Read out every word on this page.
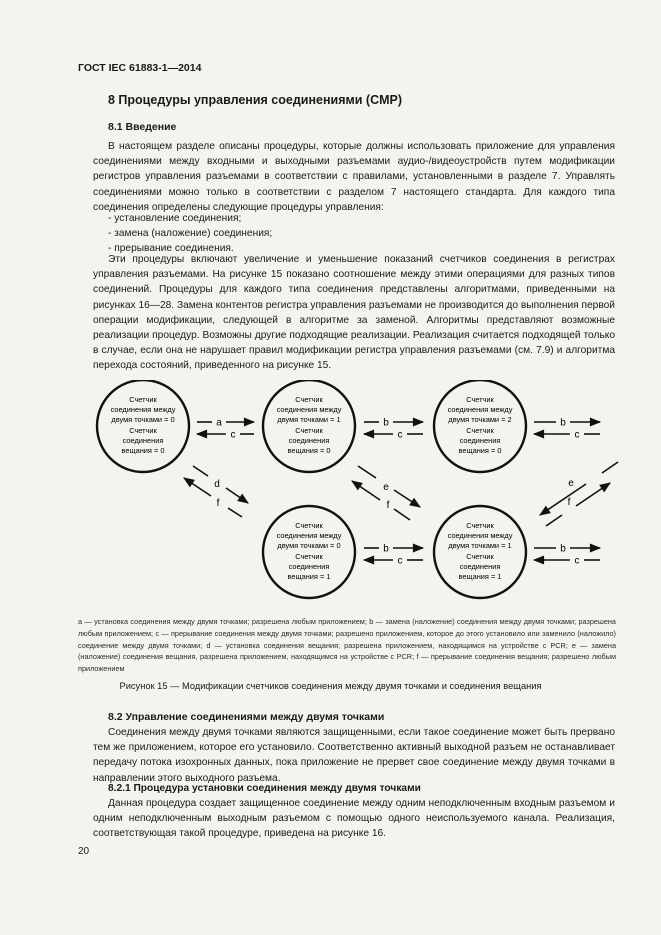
ГОСТ IEC 61883-1—2014
8 Процедуры управления соединениями (CMP)
8.1 Введение
В настоящем разделе описаны процедуры, которые должны использовать приложение для управления соединениями между входными и выходными разъемами аудио-/видеоустройств путем модификации регистров управления разъемами в соответствии с правилами, установленными в разделе 7. Управлять соединениями можно только в соответствии с разделом 7 настоящего стандарта. Для каждого типа соединения определены следующие процедуры управления:
- установление соединения;
- замена (наложение) соединения;
- прерывание соединения.
Эти процедуры включают увеличение и уменьшение показаний счетчиков соединения в регистрах управления разъемами. На рисунке 15 показано соотношение между этими операциями для разных типов соединений. Процедуры для каждого типа соединения представлены алгоритмами, приведенными на рисунках 16—28. Замена контентов регистра управления разъемами не производится до выполнения первой операции модификации, следующей в алгоритме за заменой. Алгоритмы представляют возможные реализации процедур. Возможны другие подходящие реализации. Реализация считается подходящей только в случае, если она не нарушает правил модификации регистра управления разъемами (см. 7.9) и алгоритма перехода состояний, приведенного на рисунке 15.
Счетчик
соединения между
двумя точками = 0
Счетчик
соединения
вещания = 0
Счетчик
соединения между
двумя точками = 1
Счетчик
соединения
вещания = 0
Счетчик
соединения между
двумя точками = 2
Счетчик
соединения
вещания = 0
Счетчик
соединения между
двумя точками = 0
Счетчик
соединения
вещания = 1
Счетчик
соединения между
двумя точками = 1
Счетчик
соединения
вещания = 1
a
c
b
c
b
c
b
c
b
c
d
f
e
f
e
f
a — установка соединения между двумя точками; разрешена любым приложением; b — замена (наложение) соединения между двумя точками; разрешена любым приложением; c — прерывание соединения между двумя точками; разрешено приложением, которое до этого установило или заменило (наложило) соединение между двумя точками; d — установка соединения вещания; разрешена приложением, находящимся на устройстве с PCR; e — замена (наложение) соединения вещания, разрешена приложением, находящимся на устройстве с PCR; f — прерывание соединения вещания; разрешено любым приложением
Рисунок 15 — Модификации счетчиков соединения между двумя точками и соединения вещания
8.2 Управление соединениями между двумя точками
Соединения между двумя точками являются защищенными, если такое соединение может быть прервано тем же приложением, которое его установило. Соответственно активный выходной разъем не останавливает передачу потока изохронных данных, пока приложение не прервет свое соединение между двумя точками в направлении этого выходного разъема.
8.2.1 Процедура установки соединения между двумя точками
Данная процедура создает защищенное соединение между одним неподключенным входным разъемом и одним неподключенным выходным разъемом с помощью одного неиспользуемого канала. Реализация, соответствующая такой процедуре, приведена на рисунке 16.
20
